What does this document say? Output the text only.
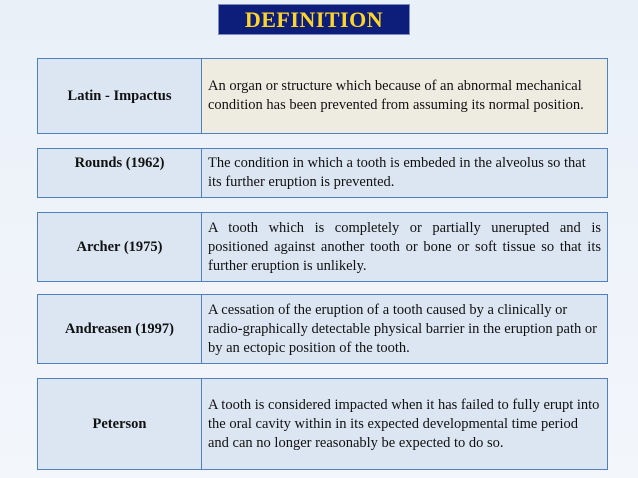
DEFINITION
Latin - Impactus
An organ or structure which because of an abnormal mechanical condition has been prevented from assuming its normal position.
Rounds (1962)	The condition in which a tooth is embeded in the alveolus so that its further eruption is prevented.
Archer (1975)
A tooth which is completely or partially unerupted and is positioned against another tooth or bone or soft tissue so that its further eruption is unlikely.
Andreasen (1997)
A cessation of the eruption of a tooth caused by a clinically or radio-graphically detectable physical barrier in the eruption path or by an ectopic position of the tooth.
Peterson
A tooth is considered impacted when it has failed to fully erupt into the oral cavity within in its expected developmental time period and can no longer reasonably be expected to do so.
